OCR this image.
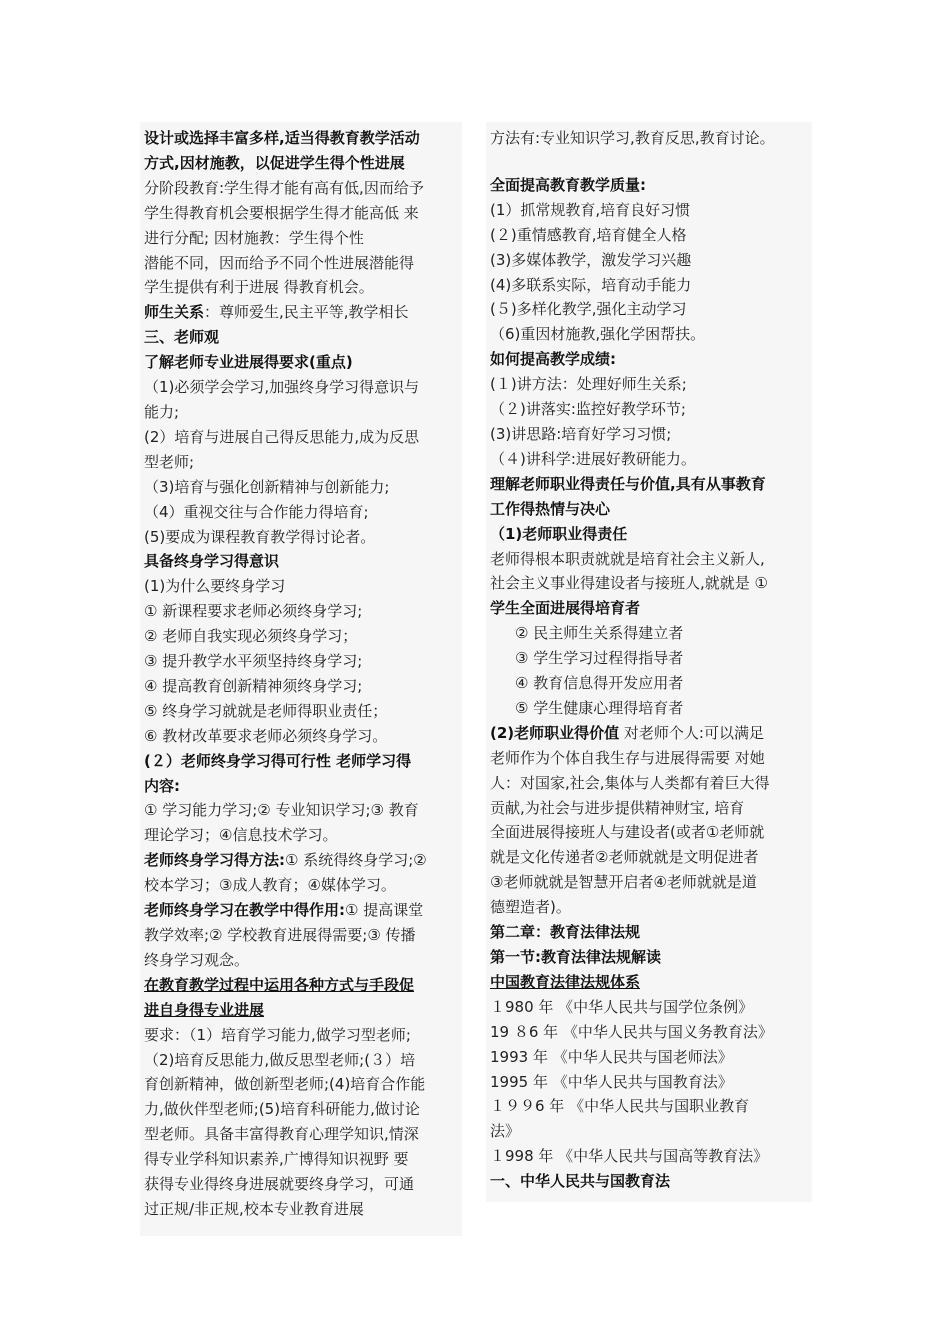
设计或选择丰富多样,适当得教育教学活动
方式,因材施教，以促进学生得个性进展
分阶段教育:学生得才能有高有低,因而给予
学生得教育机会要根据学生得才能高低 来
进行分配; 因材施教：学生得个性
潜能不同，因而给予不同个性进展潜能得
学生提供有利于进展 得教育机会。
师生关系：尊师爱生,民主平等,教学相长
三、老师观
了解老师专业进展得要求(重点)
（1)必须学会学习,加强终身学习得意识与
能力;
(2）培育与进展自己得反思能力,成为反思
型老师;
（3)培育与强化创新精神与创新能力;
（4）重视交往与合作能力得培育;
(5)要成为课程教育教学得讨论者。
具备终身学习得意识
(1)为什么要终身学习
① 新课程要求老师必须终身学习;
② 老师自我实现必须终身学习；
③ 提升教学水平须坚持终身学习;
④ 提高教育创新精神须终身学习;
⑤ 终身学习就就是老师得职业责任；
⑥ 教材改革要求老师必须终身学习。
(２）老师终身学习得可行性 老师学习得
内容:
① 学习能力学习;② 专业知识学习;③ 教育
理论学习；④信息技术学习。
老师终身学习得方法:① 系统得终身学习;②
校本学习；③成人教育；④媒体学习。
老师终身学习在教学中得作用:① 提高课堂
教学效率;② 学校教育进展得需要;③ 传播
终身学习观念。
在教育教学过程中运用各种方式与手段促
进自身得专业进展
要求：（1）培育学习能力,做学习型老师;
（2)培育反思能力,做反思型老师;(３）培
育创新精神，做创新型老师;(4)培育合作能
力,做伙伴型老师;(5)培育科研能力,做讨论
型老师。具备丰富得教育心理学知识,情深
得专业学科知识素养,广博得知识视野 要
获得专业得终身进展就要终身学习，可通
过正规/非正规,校本专业教育进展
方法有:专业知识学习,教育反思,教育讨论。
全面提高教育教学质量:
(1）抓常规教育,培育良好习惯
(２)重情感教育,培育健全人格
(3)多媒体教学，激发学习兴趣
(4)多联系实际，培育动手能力
(５)多样化教学,强化主动学习
（6)重因材施教,强化学困帮扶。
如何提高教学成绩:
(１)讲方法：处理好师生关系;
（２)讲落实:监控好教学环节;
(3)讲思路:培育好学习习惯;
（４)讲科学:进展好教研能力。
理解老师职业得责任与价值,具有从事教育
工作得热情与决心
（1)老师职业得责任
老师得根本职责就就是培育社会主义新人,
社会主义事业得建设者与接班人,就就是 ①
学生全面进展得培育者
② 民主师生关系得建立者
③ 学生学习过程得指导者
④ 教育信息得开发应用者
⑤ 学生健康心理得培育者
(2)老师职业得价值 对老师个人:可以满足
老师作为个体自我生存与进展得需要 对她
人：对国家,社会,集体与人类都有着巨大得
贡献,为社会与进步提供精神财宝, 培育
全面进展得接班人与建设者(或者①老师就
就是文化传递者②老师就就是文明促进者
③老师就就是智慧开启者④老师就就是道
德塑造者)。
第二章：教育法律法规
第一节:教育法律法规解读
中国教育法律法规体系
１980 年 《中华人民共与国学位条例》
19 ８6 年 《中华人民共与国义务教育法》
1993 年 《中华人民共与国老师法》
1995 年 《中华人民共与国教育法》
１９９6 年 《中华人民共与国职业教育
法》
１998 年 《中华人民共与国高等教育法》
一、中华人民共与国教育法
